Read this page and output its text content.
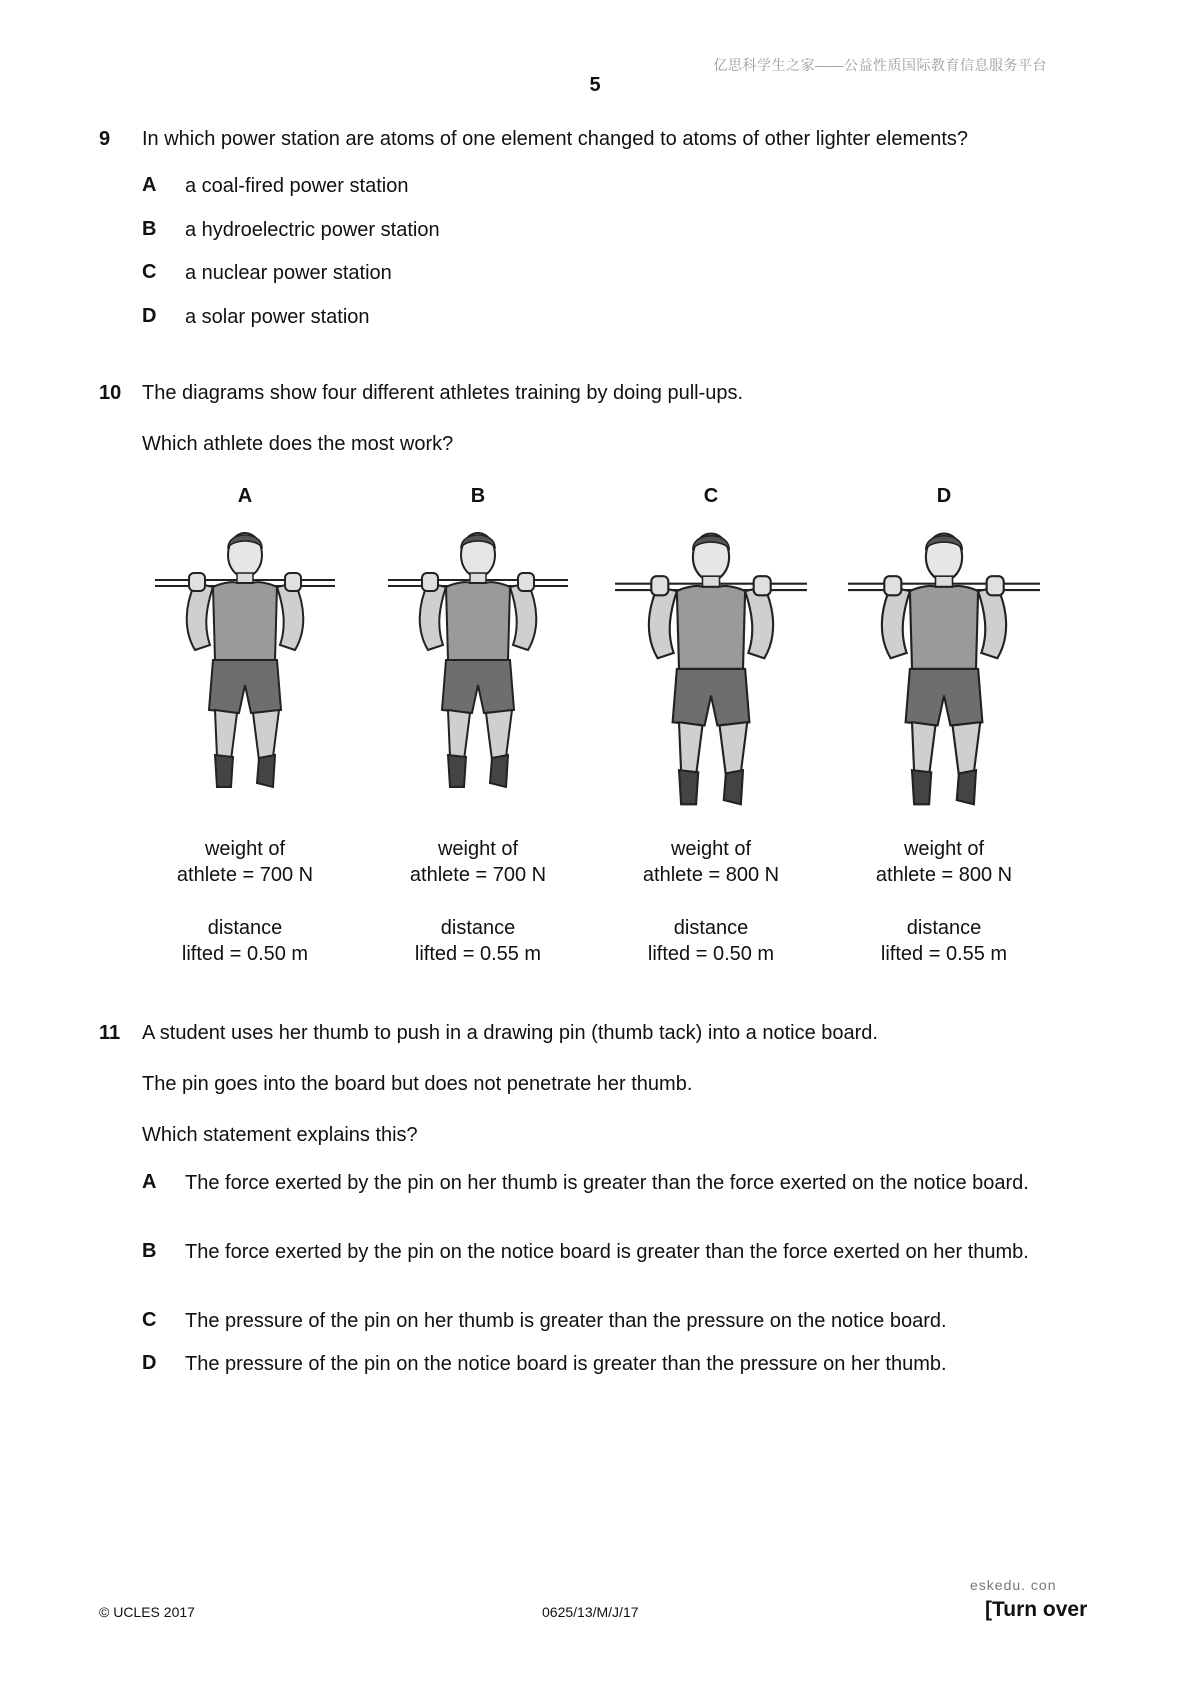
亿思科学生之家——公益性质国际教育信息服务平台
5
9 In which power station are atoms of one element changed to atoms of other lighter elements?
A a coal-fired power station
B a hydroelectric power station
C a nuclear power station
D a solar power station
10 The diagrams show four different athletes training by doing pull-ups.
Which athlete does the most work?
A	B	C	D
weight of
athlete = 700 N
distance
lifted = 0.50 m
weight of
athlete = 700 N
distance
lifted = 0.55 m
weight of
athlete = 800 N
distance
lifted = 0.50 m
weight of
athlete = 800 N
distance
lifted = 0.55 m
11 A student uses her thumb to push in a drawing pin (thumb tack) into a notice board.
The pin goes into the board but does not penetrate her thumb.
Which statement explains this?
A The force exerted by the pin on her thumb is greater than the force exerted on the notice board.
B The force exerted by the pin on the notice board is greater than the force exerted on her thumb.
C The pressure of the pin on her thumb is greater than the pressure on the notice board.
D The pressure of the pin on the notice board is greater than the pressure on her thumb.
eskedu. con
© UCLES 2017	0625/13/M/J/17	[Turn over
